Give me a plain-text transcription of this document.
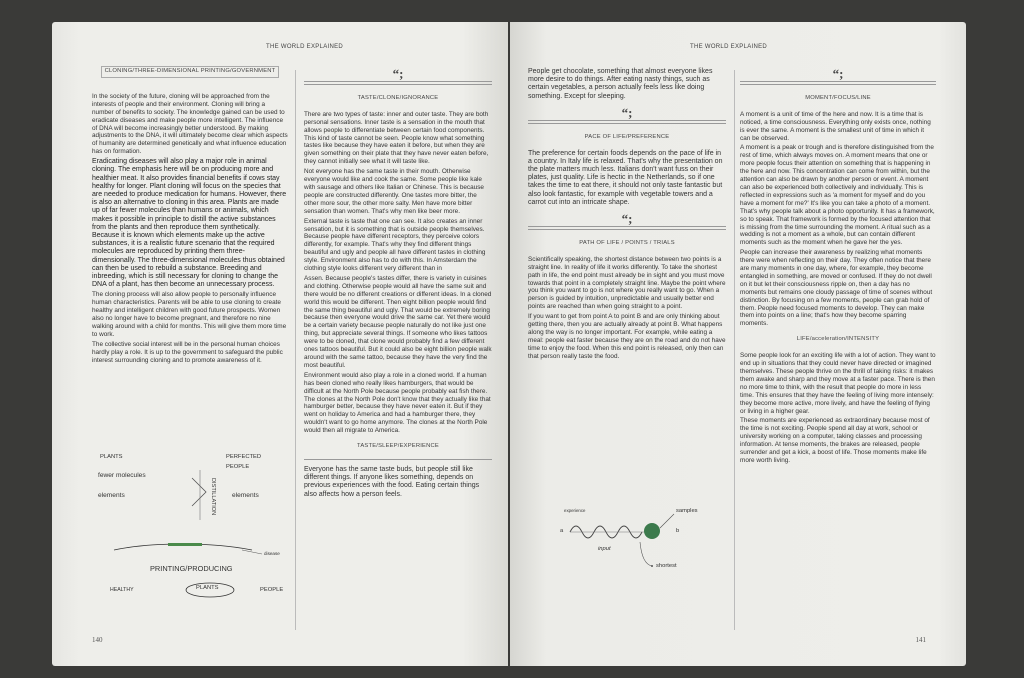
THE WORLD EXPLAINED
CLONING/THREE-DIMENSIONAL PRINTING/GOVERNMENT

In the society of the future, cloning will be approached from the interests of people and their environment. Cloning will bring a number of benefits to society. The knowledge gained can be used to eradicate diseases and make people more intelligent. The influence of DNA will become increasingly better understood. By making adjustments to the DNA, it will ultimately become clear which aspects of humanity are determined genetically and what influence education has on formation.

Eradicating diseases will also play a major role in animal cloning. The emphasis here will be on producing more and healthier meat. It also provides financial benefits if cows stay healthy for longer. Plant cloning will focus on the species that are needed to produce medication for humans. However, there is also an alternative to cloning in this area. Plants are made up of far fewer molecules than humans or animals, which makes it possible in principle to distill the active substances from the plants and then reproduce them synthetically. Because it is known which elements make up the active substances, it is a realistic future scenario that the required molecules are reproduced by printing them three-dimensionally. The three-dimensional molecules thus obtained can then be used to rebuild a substance. Breeding and inbreeding, which is still necessary for cloning to change the DNA of a plant, has then become an unnecessary process.

The cloning process will also allow people to personally influence human characteristics. Parents will be able to use cloning to create healthy and intelligent children with good future prospects. Women also no longer have to become pregnant, and therefore no nine walking around with a child for months. This will give them more time to work.

The collective social interest will be in the personal human choices hardly play a role. It is up to the government to safeguard the public interest surrounding cloning and to promote awareness of it.

PLANTS	PERFECTED
PEOPLE
fewer molecules
DISTILLATION
elements	elements
disease
PRINTING/PRODUCING
HEALTHY	PLANTS	PEOPLE
“;
TASTE/CLONE/IGNORANCE

There are two types of taste: inner and outer taste. They are both personal sensations. Inner taste is a sensation in the mouth that allows people to differentiate between certain food components. This kind of taste cannot be seen. People know what something tastes like because they have eaten it before, but when they are given something on their plate that they have never eaten before, they cannot initially see what it will taste like.

Not everyone has the same taste in their mouth. Otherwise everyone would like and cook the same. Some people like kale with sausage and others like Italian or Chinese. This is because people are constructed differently. One tastes more bitter, the other more sour, the other more salty. Men have more bitter sensation than women. That's why men like beer more.

External taste is taste that one can see. It also creates an inner sensation, but it is something that is outside people themselves. Because people have different receptors, they perceive colors differently, for example. That's why they find different things beautiful and ugly and people all have different tastes in clothing style. Environment also has to do with this. In Amsterdam the clothing style looks different very different than in

Assen. Because people's tastes differ, there is variety in cuisines and clothing. Otherwise people would all have the same suit and there would be no different creations or different ideas. In a cloned world this would be different. Then eight billion people would find the same thing beautiful and ugly. That would be extremely boring because then everyone would drive the same car. Yet there would be a certain variety because people naturally do not like just one thing, but appreciate several things. If someone who likes tattoos were to be cloned, that clone would probably find a few different ones tattoos beautiful. But it could also be eight billion people walk around with the same tattoo, because they have the very find the most beautiful.

Environment would also play a role in a cloned world. If a human has been cloned who really likes hamburgers, that would be difficult at the North Pole because people probably eat fish there. The clones at the North Pole don't know that they actually like that hamburger better, because they have never eaten it. But if they went on holiday to America and had a hamburger there, they wouldn't want to go home anymore. The clones at the North Pole would then all migrate to America.

TASTE/SLEEP/EXPERIENCE

Everyone has the same taste buds, but people still like different things. If anyone likes something, depends on previous experiences with the food. Eating certain things also affects how a person feels.

140
THE WORLD EXPLAINED

People get chocolate, something that almost everyone likes more desire to do things. After eating nasty things, such as certain vegetables, a person actually feels less like doing something. Except for sleeping.

“;
PACE OF LIFE/PREFERENCE

The preference for certain foods depends on the pace of life in a country. In Italy life is relaxed. That's why the presentation on the plate matters much less. Italians don't want fuss on their plates, just quality. Life is hectic in the Netherlands, so if one takes the time to eat there, it should not only taste fantastic but also look fantastic, for example with vegetable towers and a carrot cut into an intricate shape.

“;
PATH OF LIFE / POINTS / TRIALS

Scientifically speaking, the shortest distance between two points is a straight line. In reality of life it works differently. To take the shortest path in life, the end point must already be in sight and you must move towards that point in a completely straight line. Maybe the point where you think you want to go is not where you really want to go. When a person is guided by intuition, unpredictable and usually better end points are reached than when going straight to a point.

If you want to get from point A to point B and are only thinking about getting there, then you are actually already at point B. What happens along the way is no longer important. For example, while eating a meal: people eat faster because they are on the road and do not have time to enjoy the food. When this end point is released, only then can that person really taste the food.

experience	samples
a	b
input
shortest
“;
MOMENT/FOCUS/LINE

A moment is a unit of time of the here and now. It is a time that is noticed, a time consciousness. Everything only exists once, nothing is ever the same. A moment is the smallest unit of time in which it can be observed.

A moment is a peak or trough and is therefore distinguished from the rest of time, which always moves on. A moment means that one or more people focus their attention on something that is happening in the here and now. This concentration can come from within, but the attention can also be drawn by another person or event. A moment can also be experienced both collectively and individually. This is reflected in expressions such as 'a moment for myself and do you have a moment for me?' It's like you can take a photo of a moment. That's why people talk about a photo opportunity. It has a framework, so to speak. That framework is formed by the focused attention that is missing from the time surrounding the moment. A ritual such as a wedding is not a moment as a whole, but can contain different moments such as the moment when he gave her the yes.

People can increase their awareness by realizing what moments there were when reflecting on their day. They often notice that there are many moments in one day, where, for example, they become entangled in something, are moved or confused. If they do not dwell on it but let their consciousness ripple on, then a day has no moments but remains one cloudy passage of time of scenes without distinction. By focusing on a few moments, people can grab hold of them. People need focused moments to develop. They can make them into points on a line; that's how they become sparring moments.

LIFE/acceleration/INTENSITY

Some people look for an exciting life with a lot of action. They want to end up in situations that they could never have directed or imagined themselves. These people thrive on the thrill of taking risks: it makes them awake and sharp and they move at a faster pace. There is then no more time to think, with the result that people do more in less time. This ensures that they have the feeling of living more intensely: they become more active, more lively, and have the feeling of flying or living in a higher gear.

These moments are experienced as extraordinary because most of the time is not exciting. People spend all day at work, school or university working on a computer, taking classes and processing information. At tense moments, the brakes are released, people surrender and get a kick, a boost of life. Those moments make life more worth living.

141
